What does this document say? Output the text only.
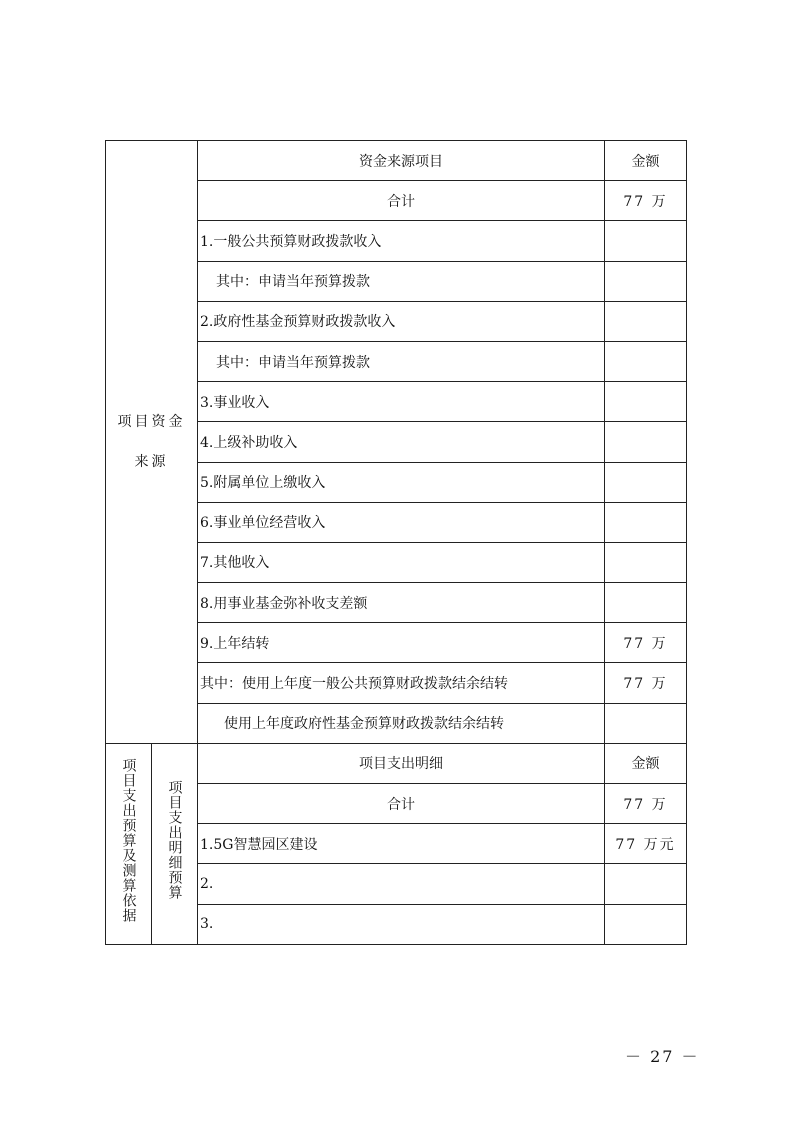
项目资金来源		资金来源项目	金额
		合计	77 万
		1.一般公共预算财政拨款收入	
		其中：申请当年预算拨款	
		2.政府性基金预算财政拨款收入	
		其中：申请当年预算拨款	
		3.事业收入	
		4.上级补助收入	
		5.附属单位上缴收入	
		6.事业单位经营收入	
		7.其他收入	
		8.用事业基金弥补收支差额	
		9.上年结转	77 万
		其中：使用上年度一般公共预算财政拨款结余结转	77 万
		使用上年度政府性基金预算财政拨款结余结转	

项目支出预算及测算依据	项目支出明细预算	项目支出明细	金额
		合计	77 万
		1.5G智慧园区建设	77 万元
		2.	
		3.	
－ 27 －
